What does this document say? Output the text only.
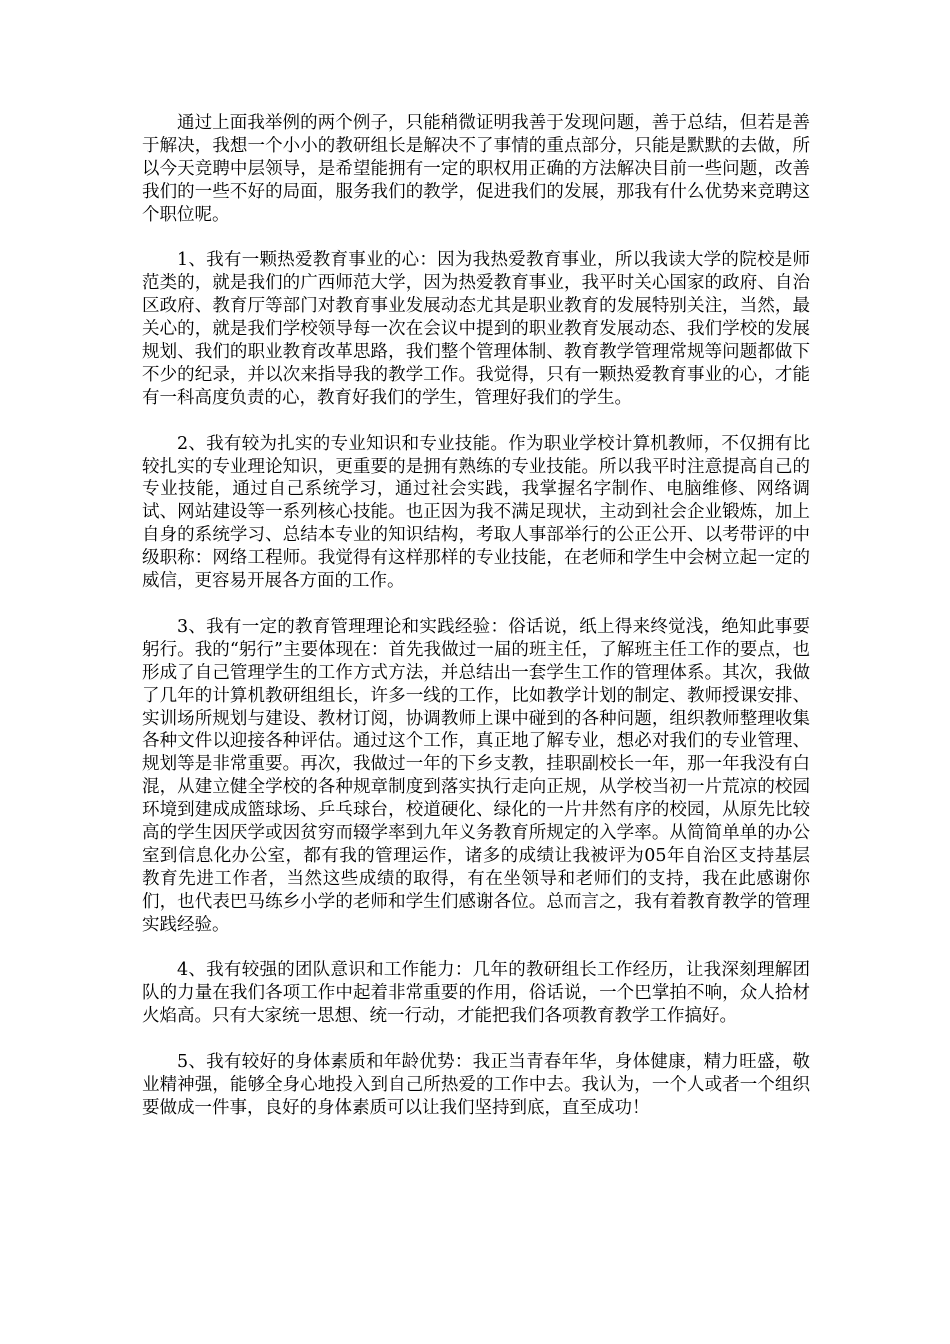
通过上面我举例的两个例子，只能稍微证明我善于发现问题，善于总结，但若是善于解决，我想一个小小的教研组长是解决不了事情的重点部分，只能是默默的去做，所以今天竞聘中层领导，是希望能拥有一定的职权用正确的方法解决目前一些问题，改善我们的一些不好的局面，服务我们的教学，促进我们的发展，那我有什么优势来竞聘这个职位呢。

1、我有一颗热爱教育事业的心：因为我热爱教育事业，所以我读大学的院校是师范类的，就是我们的广西师范大学，因为热爱教育事业，我平时关心国家的政府、自治区政府、教育厅等部门对教育事业发展动态尤其是职业教育的发展特别关注，当然，最关心的，就是我们学校领导每一次在会议中提到的职业教育发展动态、我们学校的发展规划、我们的职业教育改革思路，我们整个管理体制、教育教学管理常规等问题都做下不少的纪录，并以次来指导我的教学工作。我觉得，只有一颗热爱教育事业的心，才能有一科高度负责的心，教育好我们的学生，管理好我们的学生。

2、我有较为扎实的专业知识和专业技能。作为职业学校计算机教师，不仅拥有比较扎实的专业理论知识，更重要的是拥有熟练的专业技能。所以我平时注意提高自己的专业技能，通过自己系统学习，通过社会实践，我掌握名字制作、电脑维修、网络调试、网站建设等一系列核心技能。也正因为我不满足现状，主动到社会企业锻炼，加上自身的系统学习、总结本专业的知识结构，考取人事部举行的公正公开、以考带评的中级职称：网络工程师。我觉得有这样那样的专业技能，在老师和学生中会树立起一定的威信，更容易开展各方面的工作。

3、我有一定的教育管理理论和实践经验：俗话说，纸上得来终觉浅，绝知此事要躬行。我的“躬行”主要体现在：首先我做过一届的班主任，了解班主任工作的要点，也形成了自己管理学生的工作方式方法，并总结出一套学生工作的管理体系。其次，我做了几年的计算机教研组组长，许多一线的工作，比如教学计划的制定、教师授课安排、实训场所规划与建设、教材订阅，协调教师上课中碰到的各种问题，组织教师整理收集各种文件以迎接各种评估。通过这个工作，真正地了解专业，想必对我们的专业管理、规划等是非常重要。再次，我做过一年的下乡支教，挂职副校长一年，那一年我没有白混，从建立健全学校的各种规章制度到落实执行走向正规，从学校当初一片荒凉的校园环境到建成成篮球场、乒乓球台，校道硬化、绿化的一片井然有序的校园，从原先比较高的学生因厌学或因贫穷而辍学率到九年义务教育所规定的入学率。从简简单单的办公室到信息化办公室，都有我的管理运作，诸多的成绩让我被评为05年自治区支持基层教育先进工作者，当然这些成绩的取得，有在坐领导和老师们的支持，我在此感谢你们，也代表巴马练乡小学的老师和学生们感谢各位。总而言之，我有着教育教学的管理实践经验。

4、我有较强的团队意识和工作能力：几年的教研组长工作经历，让我深刻理解团队的力量在我们各项工作中起着非常重要的作用，俗话说，一个巴掌拍不响，众人拾材火焰高。只有大家统一思想、统一行动，才能把我们各项教育教学工作搞好。

5、我有较好的身体素质和年龄优势：我正当青春年华，身体健康，精力旺盛，敬业精神强，能够全身心地投入到自己所热爱的工作中去。我认为，一个人或者一个组织要做成一件事，良好的身体素质可以让我们坚持到底，直至成功！
